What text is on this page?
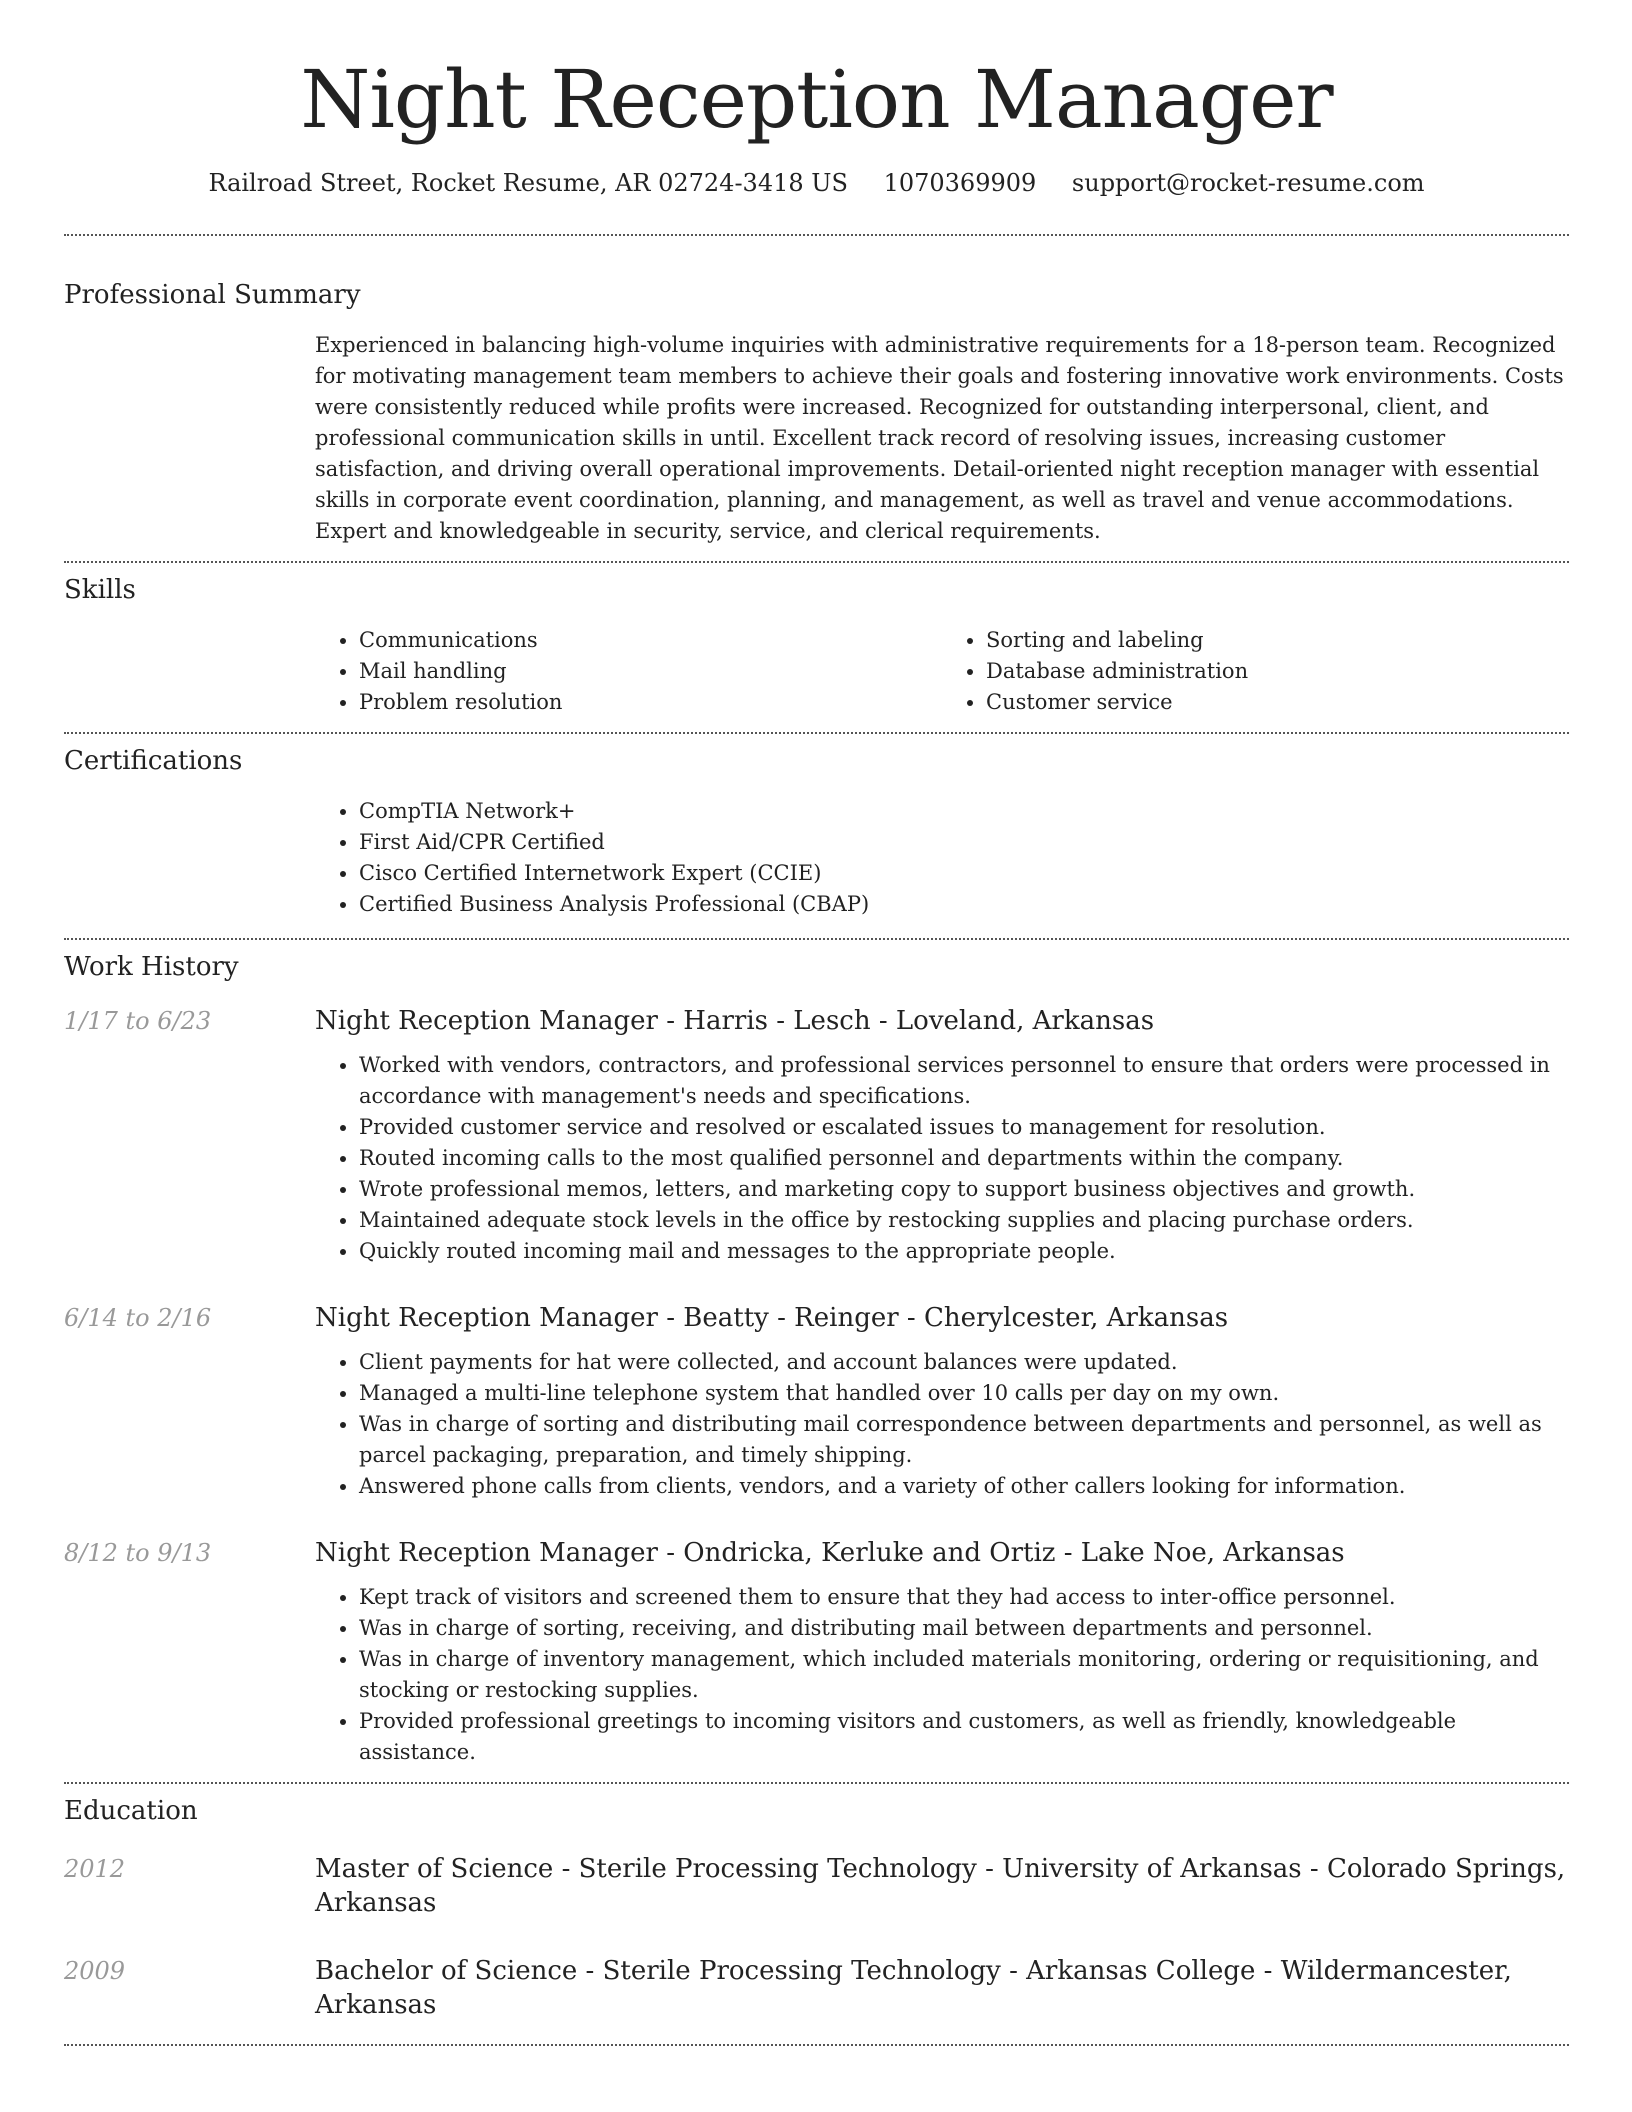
Night Reception Manager
Railroad Street, Rocket Resume, AR 02724-3418 US 1070369909 support@rocket-resume.com
Professional Summary

Experienced in balancing high-volume inquiries with administrative requirements for a 18-person team. Recognized for motivating management team members to achieve their goals and fostering innovative work environments. Costs were consistently reduced while profits were increased. Recognized for outstanding interpersonal, client, and professional communication skills in until. Excellent track record of resolving issues, increasing customer satisfaction, and driving overall operational improvements. Detail-oriented night reception manager with essential skills in corporate event coordination, planning, and management, as well as travel and venue accommodations. Expert and knowledgeable in security, service, and clerical requirements.

Skills
• Communications
• Mail handling
• Problem resolution
• Sorting and labeling
• Database administration
• Customer service
Certifications
• CompTIA Network+
• First Aid/CPR Certified
• Cisco Certified Internetwork Expert (CCIE)
• Certified Business Analysis Professional (CBAP)
Work History
1/17 to 6/23	Night Reception Manager - Harris - Lesch - Loveland, Arkansas
• Worked with vendors, contractors, and professional services personnel to ensure that orders were processed in accordance with management's needs and specifications.
• Provided customer service and resolved or escalated issues to management for resolution.
• Routed incoming calls to the most qualified personnel and departments within the company.
• Wrote professional memos, letters, and marketing copy to support business objectives and growth.
• Maintained adequate stock levels in the office by restocking supplies and placing purchase orders.
• Quickly routed incoming mail and messages to the appropriate people.
6/14 to 2/16	Night Reception Manager - Beatty - Reinger - Cherylcester, Arkansas
• Client payments for hat were collected, and account balances were updated.
• Managed a multi-line telephone system that handled over 10 calls per day on my own.
• Was in charge of sorting and distributing mail correspondence between departments and personnel, as well as parcel packaging, preparation, and timely shipping.
• Answered phone calls from clients, vendors, and a variety of other callers looking for information.
8/12 to 9/13	Night Reception Manager - Ondricka, Kerluke and Ortiz - Lake Noe, Arkansas
• Kept track of visitors and screened them to ensure that they had access to inter-office personnel.
• Was in charge of sorting, receiving, and distributing mail between departments and personnel.
• Was in charge of inventory management, which included materials monitoring, ordering or requisitioning, and stocking or restocking supplies.
• Provided professional greetings to incoming visitors and customers, as well as friendly, knowledgeable assistance.
Education
2012	Master of Science - Sterile Processing Technology - University of Arkansas - Colorado Springs, Arkansas
2009	Bachelor of Science - Sterile Processing Technology - Arkansas College - Wildermancester, Arkansas
